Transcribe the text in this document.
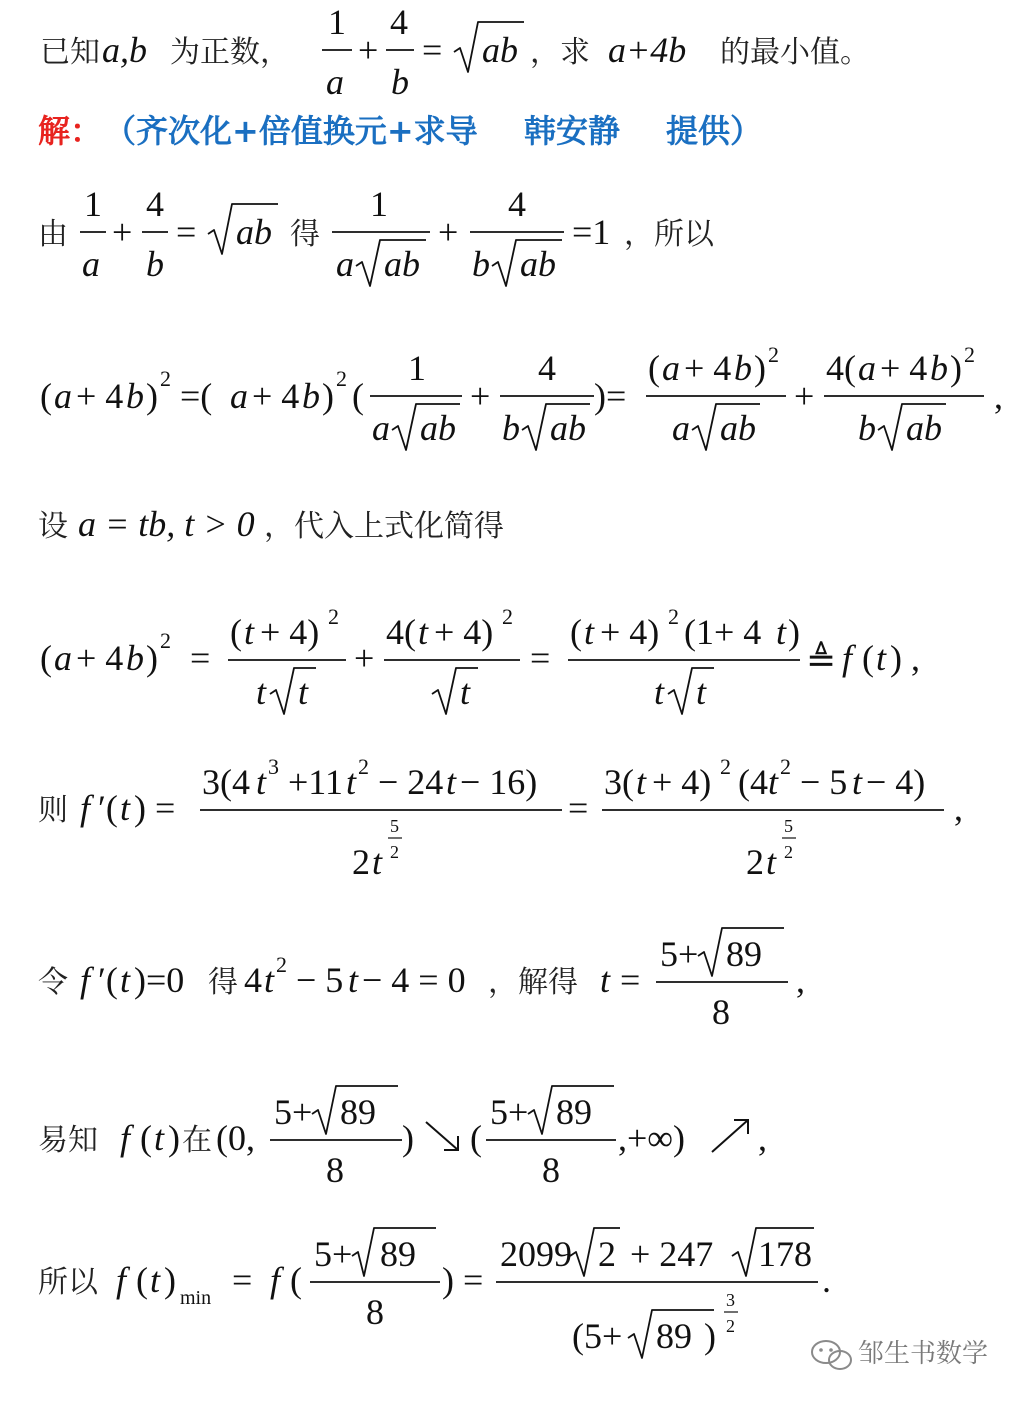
已知 a,b 为正数，
1
a
+
4
b
= ab ，求 a+4b 的最小值。
解： （齐次化+倍值换元+求导 韩安静 提供）
由
1
a
+
4
b
= ab 得
1
a ab
+
4
b ab
=1 ，所以
( a + 4 b ) 2 =( a + 4 b ) 2 (
1
a ab
+
4
b ab
)=
( a + 4 b ) 2
a ab
+
4( a + 4 b ) 2
b ab
,
设 a = tb, t > 0 ，代入上式化简得
( a + 4 b ) 2 =
( t + 4) 2
t t
+
4( t + 4) 2
t
=
( t + 4) 2 (1+ 4 t )
t t
≜ f ( t ) ,
则 f ′( t ) =
3(4 t 3 +11 t 2 − 24 t − 16)
2 t
5
2
=
3( t + 4) 2 (4 t 2 − 5 t − 4)
2 t
5
2
,
令 f ′( t )=0 得 4 t 2 − 5 t − 4 = 0 ，解得 t =
5+ 89
8
,
易知 f ( t ) 在 (0,
5+ 89
8
) (
5+ 89
8
,+∞) ,
所以 f ( t ) min = f (
5+ 89
8
) =
2099 2 + 247 178
(5+ 89 )
3
2
.
邹生书数学
